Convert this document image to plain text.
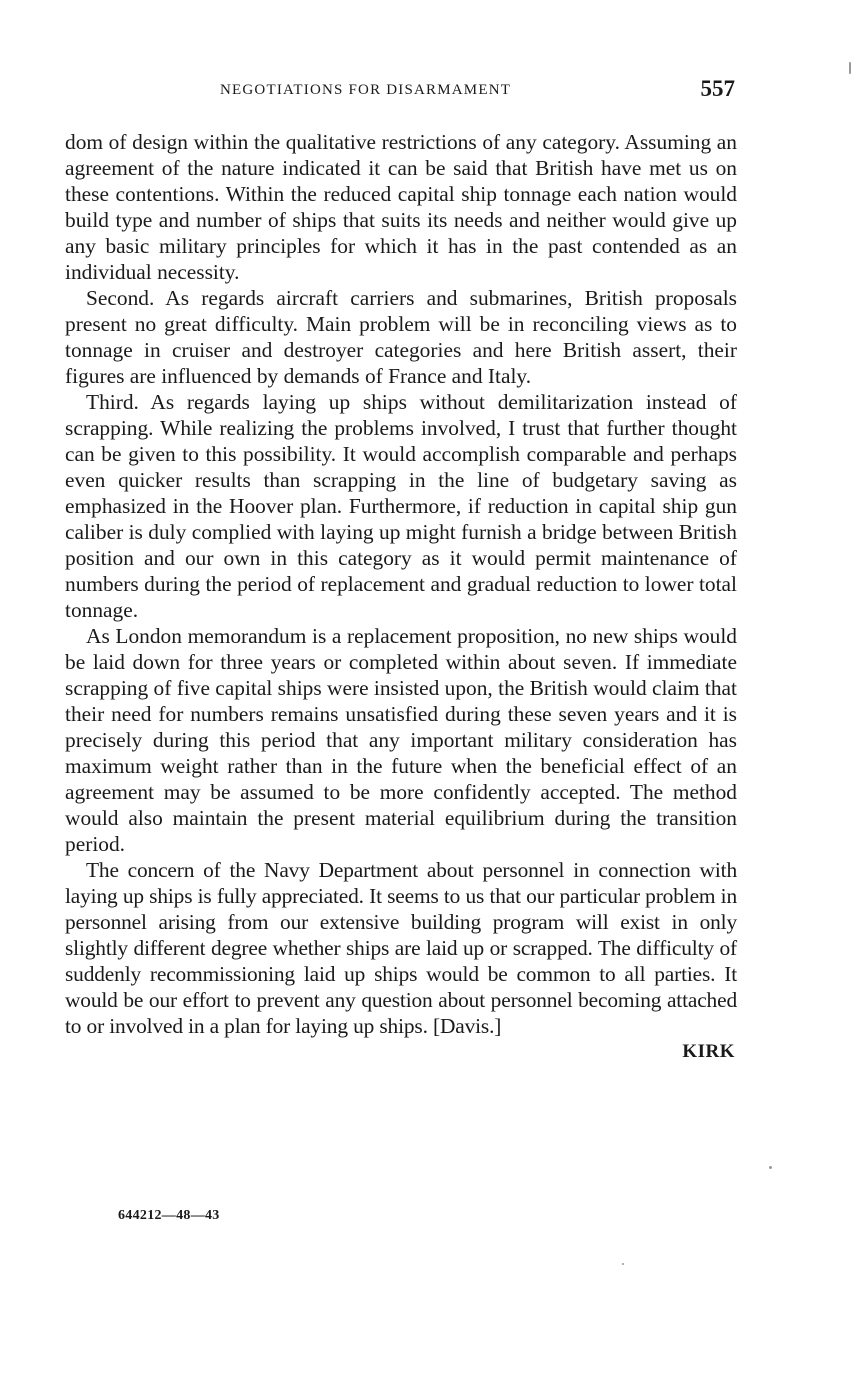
NEGOTIATIONS FOR DISARMAMENT	557

dom of design within the qualitative restrictions of any category. Assuming an agreement of the nature indicated it can be said that British have met us on these contentions. Within the reduced capital ship tonnage each nation would build type and number of ships that suits its needs and neither would give up any basic military principles for which it has in the past contended as an individual necessity.

Second. As regards aircraft carriers and submarines, British proposals present no great difficulty. Main problem will be in reconciling views as to tonnage in cruiser and destroyer categories and here British assert, their figures are influenced by demands of France and Italy.

Third. As regards laying up ships without demilitarization instead of scrapping. While realizing the problems involved, I trust that further thought can be given to this possibility. It would accomplish comparable and perhaps even quicker results than scrapping in the line of budgetary saving as emphasized in the Hoover plan. Furthermore, if reduction in capital ship gun caliber is duly complied with laying up might furnish a bridge between British position and our own in this category as it would permit maintenance of numbers during the period of replacement and gradual reduction to lower total tonnage.

As London memorandum is a replacement proposition, no new ships would be laid down for three years or completed within about seven. If immediate scrapping of five capital ships were insisted upon, the British would claim that their need for numbers remains unsatisfied during these seven years and it is precisely during this period that any important military consideration has maximum weight rather than in the future when the beneficial effect of an agreement may be assumed to be more confidently accepted. The method would also maintain the present material equilibrium during the transition period.

The concern of the Navy Department about personnel in connection with laying up ships is fully appreciated. It seems to us that our particular problem in personnel arising from our extensive building program will exist in only slightly different degree whether ships are laid up or scrapped. The difficulty of suddenly recommissioning laid up ships would be common to all parties. It would be our effort to prevent any question about personnel becoming attached to or involved in a plan for laying up ships. [Davis.]

KIRK

644212—48—43
